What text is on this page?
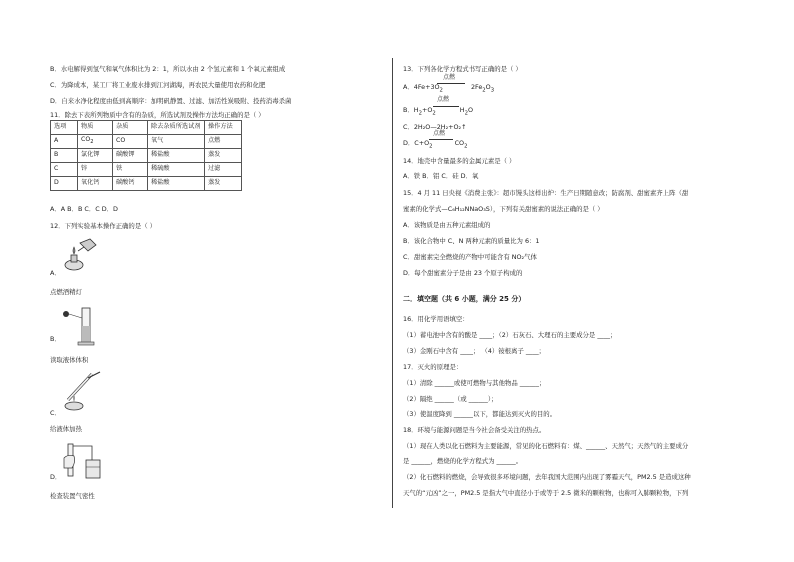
B．水电解得到氢气和氧气体积比为 2：1，所以水由 2 个氢元素和 1 个氧元素组成
C．为降成本，某工厂将工业废水排到江河湖海，再农民大量使用农药和化肥
D．自来水净化程度由低到高顺序：加明矾静置、过滤、加活性炭吸附、投药消毒杀菌
11．除去下表所列物质中含有的杂质，所选试剂及操作方法均正确的是（ ）
选项	物质	杂质	除去杂质所选试剂	操作方法
A	$CO_2$	CO	氧气	点燃
B	氯化钾	碳酸钾	稀盐酸	蒸发
C	锌	铁	稀硫酸	过滤
D	氧化钙	碳酸钙	稀盐酸	蒸发
A．A B．B C．C D．D
12．下列实验基本操作正确的是（ ）
A．
点燃酒精灯
B．
读取液体体积
C．
给液体加热
D．
检查装置气密性
13．下列各化学方程式书写正确的是（ ）
点燃
A．$4Fe+3O_2$	$2Fe_2O_3$
点燃
B．$H_2+O_2$	$H_2O$
C．2H₂O—2H₂+O₂↑
点燃
D．$C+O_2$	$CO_2$
14．地壳中含量最多的金属元素是（ ）
A．铁 B．铝 C．硅 D．氧
15．4 月 11 日央视《消费主张》：超市馒头这样出炉：生产日期随意改；防腐剂、甜蜜素齐上阵（甜
蜜素的化学式—C₆H₁₂NNaO₃S），下列有关甜蜜素的说法正确的是（ ）
A．该物质是由五种元素组成的
B．该化合物中 C、N 两种元素的质量比为 6：1
C．甜蜜素完全燃烧的产物中可能含有 NO₂气体
D．每个甜蜜素分子是由 23 个原子构成的
二．填空题（共 6 小题，满分 25 分）
16．用化学用语填空：
（1）蓄电池中含有的酸是 ____；（2）石灰石、大理石的主要成分是 ____；
（3）金刚石中含有 ____； （4）铵根离子 ____；
17．灭火的原理是：
（1）清除 ______或使可燃物与其他物品 ______；
（2）隔绝 ______（或 ______）；
（3）使温度降到 ______以下，都能达到灭火的目的。
18．环境与能源问题是当今社会备受关注的热点。
（1）现在人类以化石燃料为主要能源，常见的化石燃料有：煤、______、天然气；天然气的主要成分
是 ______，燃烧的化学方程式为 ______。
（2）化石燃料的燃烧，会导致很多环境问题，去年我国大范围内出现了雾霾天气，PM2.5 是造成这种
天气的“元凶”之一，PM2.5 是指大气中直径小于或等于 2.5 微米的颗粒物，也称可入肺颗粒物，下列
